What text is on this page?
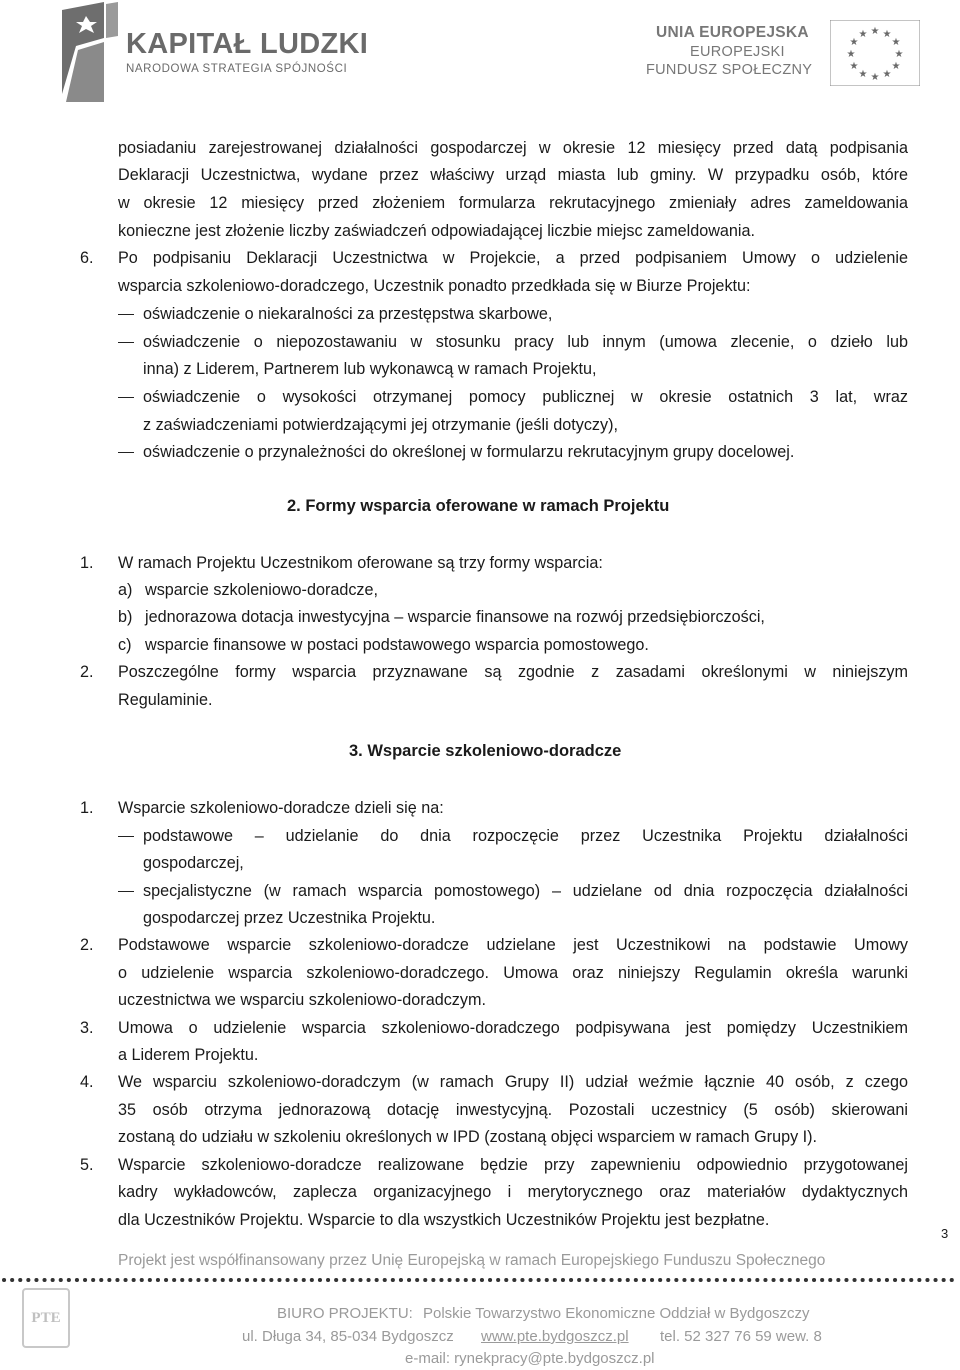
KAPITAŁ LUDZKI
NARODOWA STRATEGIA SPÓJNOŚCI
UNIA EUROPEJSKA
EUROPEJSKI
FUNDUSZ SPOŁECZNY
★ ★
★
★
★
★
★
★
★
★
★
★
posiadaniu zarejestrowanej działalności gospodarczej w okresie 12 miesięcy przed datą podpisania
Deklaracji Uczestnictwa, wydane przez właściwy urząd miasta lub gminy. W przypadku osób, które
w okresie 12 miesięcy przed złożeniem formularza rekrutacyjnego zmieniały adres zameldowania
konieczne jest złożenie liczby zaświadczeń odpowiadającej liczbie miejsc zameldowania.
6. Po podpisaniu Deklaracji Uczestnictwa w Projekcie, a przed podpisaniem Umowy o udzielenie
wsparcia szkoleniowo-doradczego, Uczestnik ponadto przedkłada się w Biurze Projektu:
oświadczenie o niekaralności za przestępstwa skarbowe,
oświadczenie o niepozostawaniu w stosunku pracy lub innym (umowa zlecenie, o dzieło lub
inna) z Liderem, Partnerem lub wykonawcą w ramach Projektu,
oświadczenie o wysokości otrzymanej pomocy publicznej w okresie ostatnich 3 lat, wraz
z zaświadczeniami potwierdzającymi jej otrzymanie (jeśli dotyczy),
oświadczenie o przynależności do określonej w formularzu rekrutacyjnym grupy docelowej.
2. Formy wsparcia oferowane w ramach Projektu
1. W ramach Projektu Uczestnikom oferowane są trzy formy wsparcia:
a) wsparcie szkoleniowo-doradcze,
b) jednorazowa dotacja inwestycyjna – wsparcie finansowe na rozwój przedsiębiorczości,
c) wsparcie finansowe w postaci podstawowego wsparcia pomostowego.
2. Poszczególne formy wsparcia przyznawane są zgodnie z zasadami określonymi w niniejszym
Regulaminie.
3. Wsparcie szkoleniowo-doradcze
1. Wsparcie szkoleniowo-doradcze dzieli się na:
podstawowe – udzielanie do dnia rozpoczęcie przez Uczestnika Projektu działalności
gospodarczej,
specjalistyczne (w ramach wsparcia pomostowego) – udzielane od dnia rozpoczęcia działalności
gospodarczej przez Uczestnika Projektu.
2. Podstawowe wsparcie szkoleniowo-doradcze udzielane jest Uczestnikowi na podstawie Umowy
o udzielenie wsparcia szkoleniowo-doradczego. Umowa oraz niniejszy Regulamin określa warunki
uczestnictwa we wsparciu szkoleniowo-doradczym.
3. Umowa o udzielenie wsparcia szkoleniowo-doradczego podpisywana jest pomiędzy Uczestnikiem
a Liderem Projektu.
4. We wsparciu szkoleniowo-doradczym (w ramach Grupy II) udział weźmie łącznie 40 osób, z czego
35 osób otrzyma jednorazową dotację inwestycyjną. Pozostali uczestnicy (5 osób) skierowani
zostaną do udziału w szkoleniu określonych w IPD (zostaną objęci wsparciem w ramach Grupy I).
5. Wsparcie szkoleniowo-doradcze realizowane będzie przy zapewnieniu odpowiednio przygotowanej
kadry wykładowców, zaplecza organizacyjnego i merytorycznego oraz materiałów dydaktycznych
dla Uczestników Projektu. Wsparcie to dla wszystkich Uczestników Projektu jest bezpłatne.
3
Projekt jest współfinansowany przez Unię Europejską w ramach Europejskiego Funduszu Społecznego
PTE	BIURO PROJEKTU: Polskie Towarzystwo Ekonomiczne Oddział w Bydgoszczy
ul. Długa 34, 85-034 Bydgoszcz www.pte.bydgoszcz.pl tel. 52 327 76 59 wew. 8
e-mail: rynekpracy@pte.bydgoszcz.pl
